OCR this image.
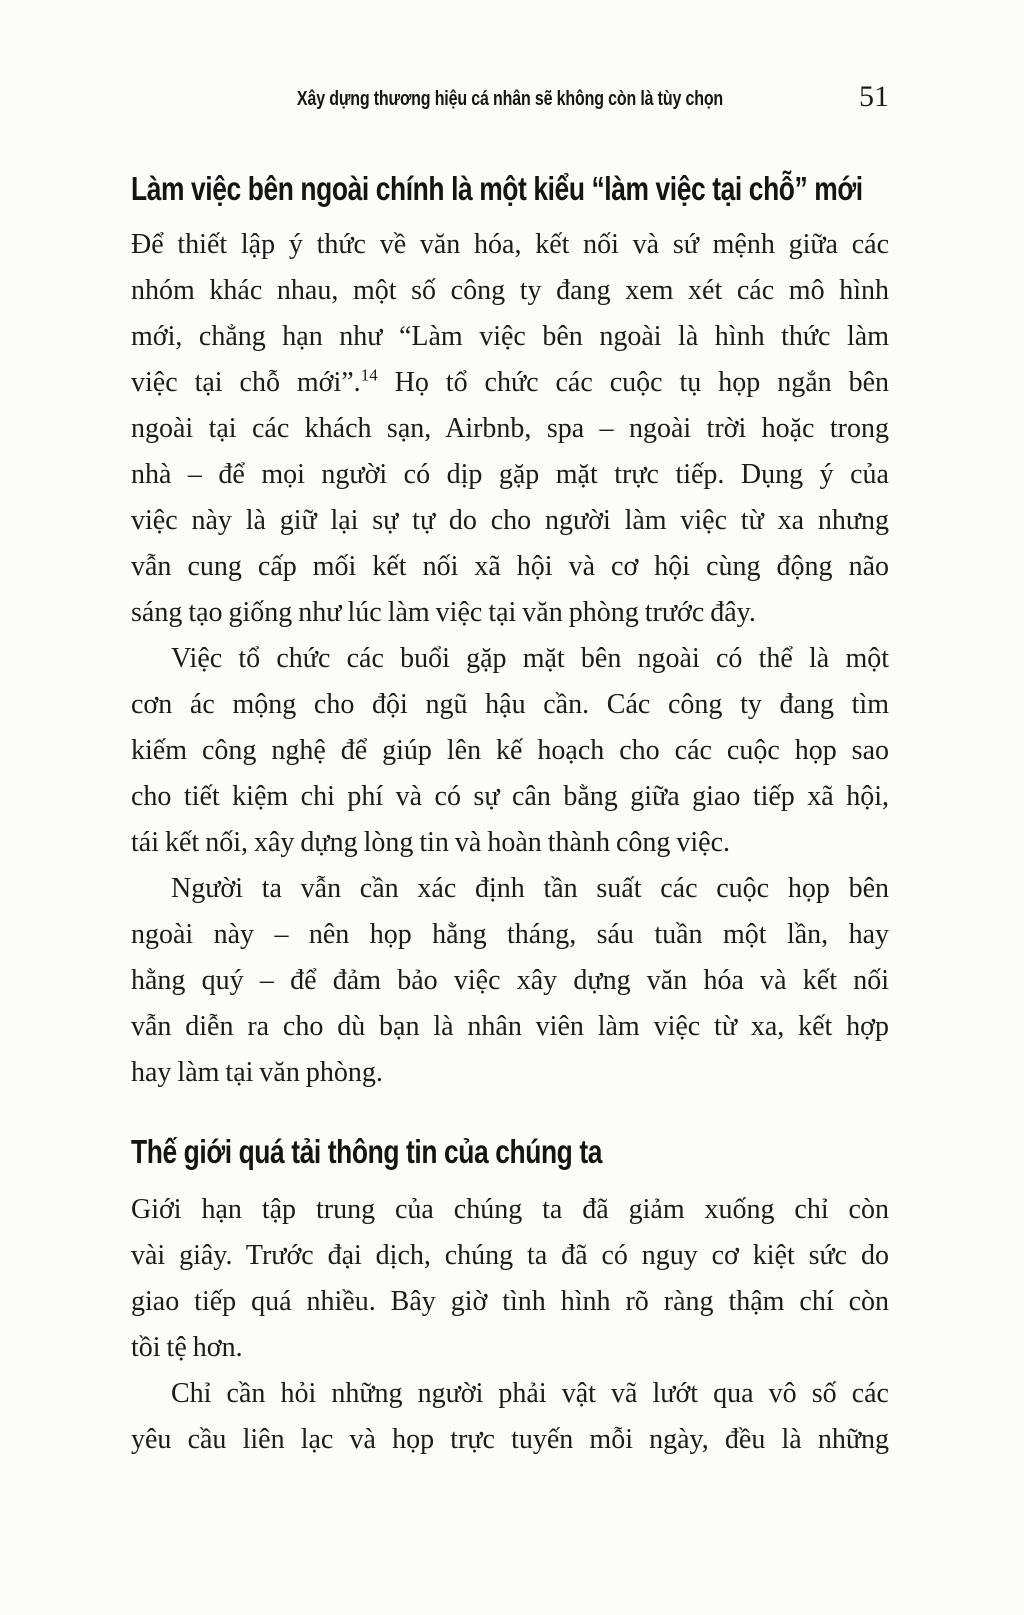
Xây dựng thương hiệu cá nhân sẽ không còn là tùy chọn	51
Làm việc bên ngoài chính là một kiểu “làm việc tại chỗ” mới
Để thiết lập ý thức về văn hóa, kết nối và sứ mệnh giữa các
nhóm khác nhau, một số công ty đang xem xét các mô hình
mới, chẳng hạn như “Làm việc bên ngoài là hình thức làm
việc tại chỗ mới”.$^{14}$ Họ tổ chức các cuộc tụ họp ngắn bên
ngoài tại các khách sạn, Airbnb, spa – ngoài trời hoặc trong
nhà – để mọi người có dịp gặp mặt trực tiếp. Dụng ý của
việc này là giữ lại sự tự do cho người làm việc từ xa nhưng
vẫn cung cấp mối kết nối xã hội và cơ hội cùng động não
sáng tạo giống như lúc làm việc tại văn phòng trước đây.
Việc tổ chức các buổi gặp mặt bên ngoài có thể là một
cơn ác mộng cho đội ngũ hậu cần. Các công ty đang tìm
kiếm công nghệ để giúp lên kế hoạch cho các cuộc họp sao
cho tiết kiệm chi phí và có sự cân bằng giữa giao tiếp xã hội,
tái kết nối, xây dựng lòng tin và hoàn thành công việc.
Người ta vẫn cần xác định tần suất các cuộc họp bên
ngoài này – nên họp hằng tháng, sáu tuần một lần, hay
hằng quý – để đảm bảo việc xây dựng văn hóa và kết nối
vẫn diễn ra cho dù bạn là nhân viên làm việc từ xa, kết hợp
hay làm tại văn phòng.
Thế giới quá tải thông tin của chúng ta
Giới hạn tập trung của chúng ta đã giảm xuống chỉ còn
vài giây. Trước đại dịch, chúng ta đã có nguy cơ kiệt sức do
giao tiếp quá nhiều. Bây giờ tình hình rõ ràng thậm chí còn
tồi tệ hơn.
Chỉ cần hỏi những người phải vật vã lướt qua vô số các
yêu cầu liên lạc và họp trực tuyến mỗi ngày, đều là những
